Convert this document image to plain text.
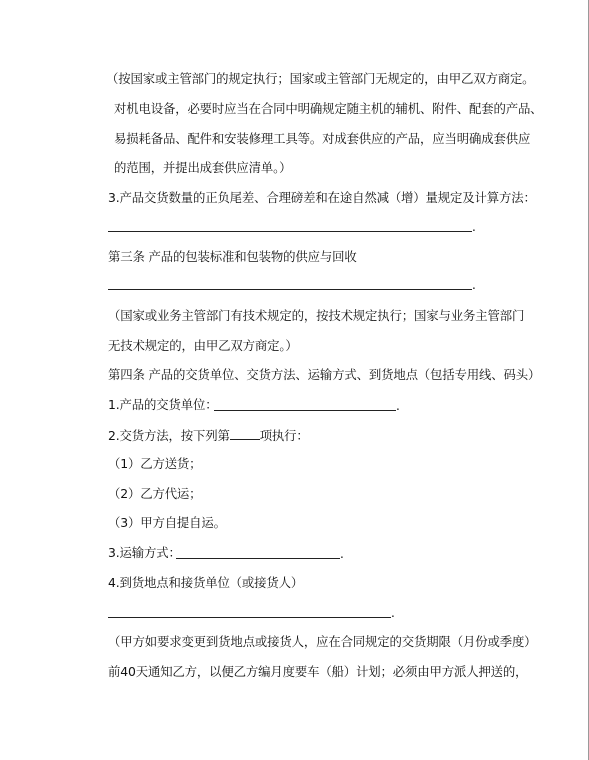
（按国家或主管部门的规定执行；国家或主管部门无规定的，由甲乙双方商定。
对机电设备，必要时应当在合同中明确规定随主机的辅机、附件、配套的产品、
易损耗备品、配件和安装修理工具等。对成套供应的产品，应当明确成套供应
的范围，并提出成套供应清单。）
3.产品交货数量的正负尾差、合理磅差和在途自然减（增）量规定及计算方法：
.
第三条 产品的包装标准和包装物的供应与回收
.
（国家或业务主管部门有技术规定的，按技术规定执行；国家与业务主管部门
无技术规定的，由甲乙双方商定。）
第四条 产品的交货单位、交货方法、运输方式、到货地点（包括专用线、码头）
1.产品的交货单位：	.
2.交货方法，按下列第 项执行：
（1）乙方送货；
（2）乙方代运；
（3）甲方自提自运。
3.运输方式：	.
4.到货地点和接货单位（或接货人）
.
（甲方如要求变更到货地点或接货人，应在合同规定的交货期限（月份或季度）
前40天通知乙方，以便乙方编月度要车（船）计划；必须由甲方派人押送的，
